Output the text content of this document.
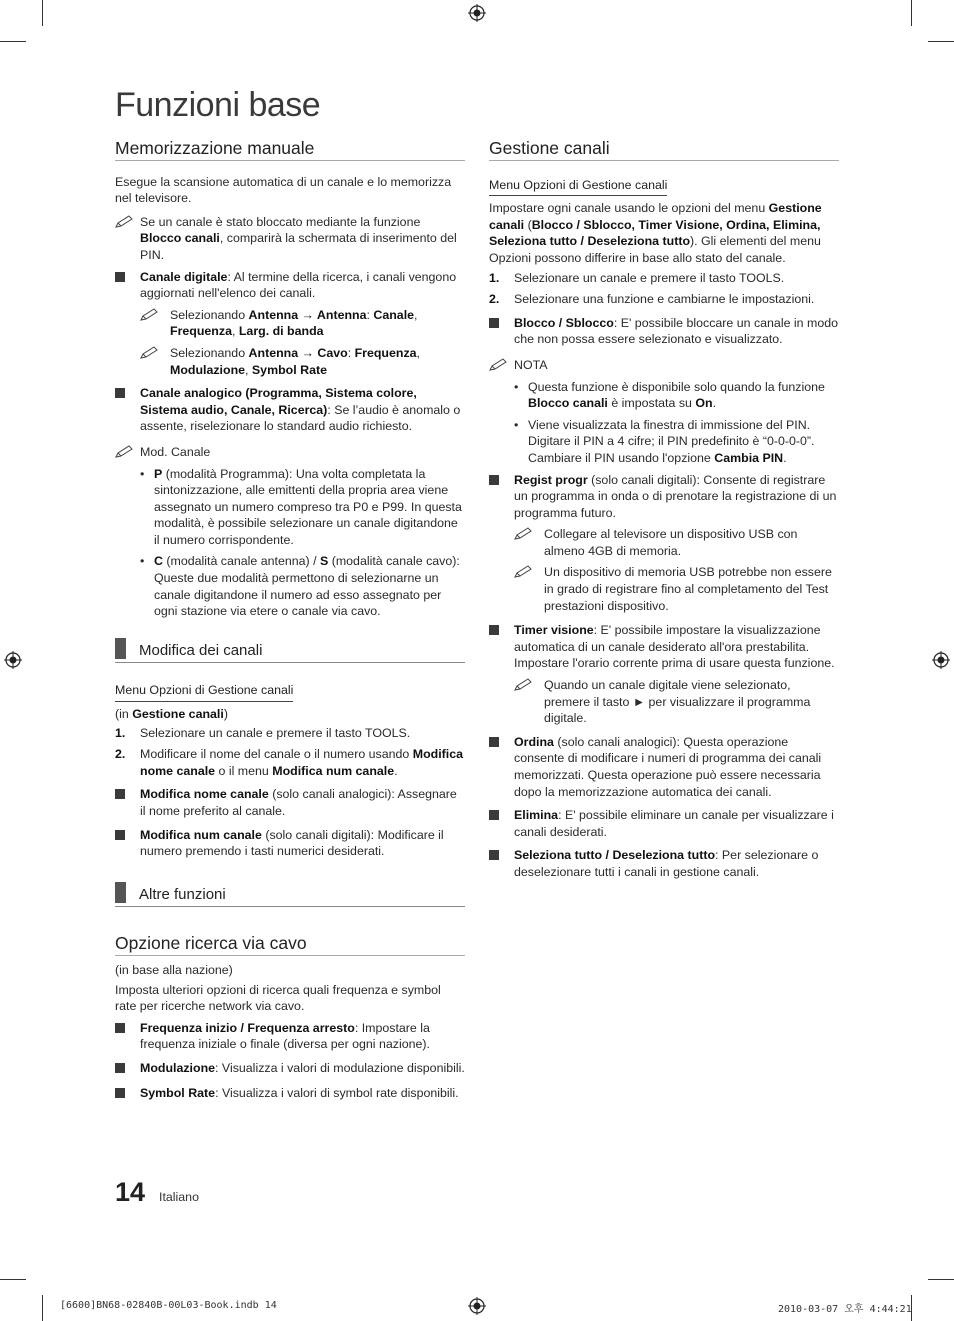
Funzioni base
Memorizzazione manuale

Esegue la scansione automatica di un canale e lo memorizza nel televisore.

Se un canale è stato bloccato mediante la funzione Blocco canali, comparirà la schermata di inserimento del PIN.
Canale digitale: Al termine della ricerca, i canali vengono aggiornati nell'elenco dei canali.
Selezionando Antenna → Antenna: Canale, Frequenza, Larg. di banda
Selezionando Antenna → Cavo: Frequenza, Modulazione, Symbol Rate
Canale analogico (Programma, Sistema colore, Sistema audio, Canale, Ricerca): Se l’audio è anomalo o assente, riselezionare lo standard audio richiesto.
Mod. Canale
• P (modalità Programma): Una volta completata la sintonizzazione, alle emittenti della propria area viene assegnato un numero compreso tra P0 e P99. In questa modalità, è possibile selezionare un canale digitandone il numero corrispondente.
• C (modalità canale antenna) / S (modalità canale cavo): Queste due modalità permettono di selezionarne un canale digitandone il numero ad esso assegnato per ogni stazione via etere o canale via cavo.
Modifica dei canali
Menu Opzioni di Gestione canali

(in Gestione canali)

1.	Selezionare un canale e premere il tasto TOOLS.
2.	Modificare il nome del canale o il numero usando Modifica nome canale o il menu Modifica num canale.
Modifica nome canale (solo canali analogici): Assegnare il nome preferito al canale.
Modifica num canale (solo canali digitali): Modificare il numero premendo i tasti numerici desiderati.
Altre funzioni
Opzione ricerca via cavo

(in base alla nazione)

Imposta ulteriori opzioni di ricerca quali frequenza e symbol rate per ricerche network via cavo.

Frequenza inizio / Frequenza arresto: Impostare la frequenza iniziale o finale (diversa per ogni nazione).
Modulazione: Visualizza i valori di modulazione disponibili.
Symbol Rate: Visualizza i valori di symbol rate disponibili.
Gestione canali
Menu Opzioni di Gestione canali

Impostare ogni canale usando le opzioni del menu Gestione canali (Blocco / Sblocco, Timer Visione, Ordina, Elimina, Seleziona tutto / Deseleziona tutto). Gli elementi del menu Opzioni possono differire in base allo stato del canale.

1.	Selezionare un canale e premere il tasto TOOLS.
2.	Selezionare una funzione e cambiarne le impostazioni.
Blocco / Sblocco: E' possibile bloccare un canale in modo che non possa essere selezionato e visualizzato.
NOTA
• Questa funzione è disponibile solo quando la funzione Blocco canali è impostata su On.
• Viene visualizzata la finestra di immissione del PIN. Digitare il PIN a 4 cifre; il PIN predefinito è “0-0-0-0”. Cambiare il PIN usando l'opzione Cambia PIN.
Regist progr (solo canali digitali): Consente di registrare un programma in onda o di prenotare la registrazione di un programma futuro.
Collegare al televisore un dispositivo USB con almeno 4GB di memoria.
Un dispositivo di memoria USB potrebbe non essere in grado di registrare fino al completamento del Test prestazioni dispositivo.
Timer visione: E' possibile impostare la visualizzazione automatica di un canale desiderato all'ora prestabilita. Impostare l'orario corrente prima di usare questa funzione.
Quando un canale digitale viene selezionato, premere il tasto ► per visualizzare il programma digitale.
Ordina (solo canali analogici): Questa operazione consente di modificare i numeri di programma dei canali memorizzati. Questa operazione può essere necessaria dopo la memorizzazione automatica dei canali.
Elimina: E' possibile eliminare un canale per visualizzare i canali desiderati.
Seleziona tutto / Deseleziona tutto: Per selezionare o deselezionare tutti i canali in gestione canali.
14 Italiano
[6600]BN68-02840B-00L03-Book.indb 14	2010-03-07 오후 4:44:21
